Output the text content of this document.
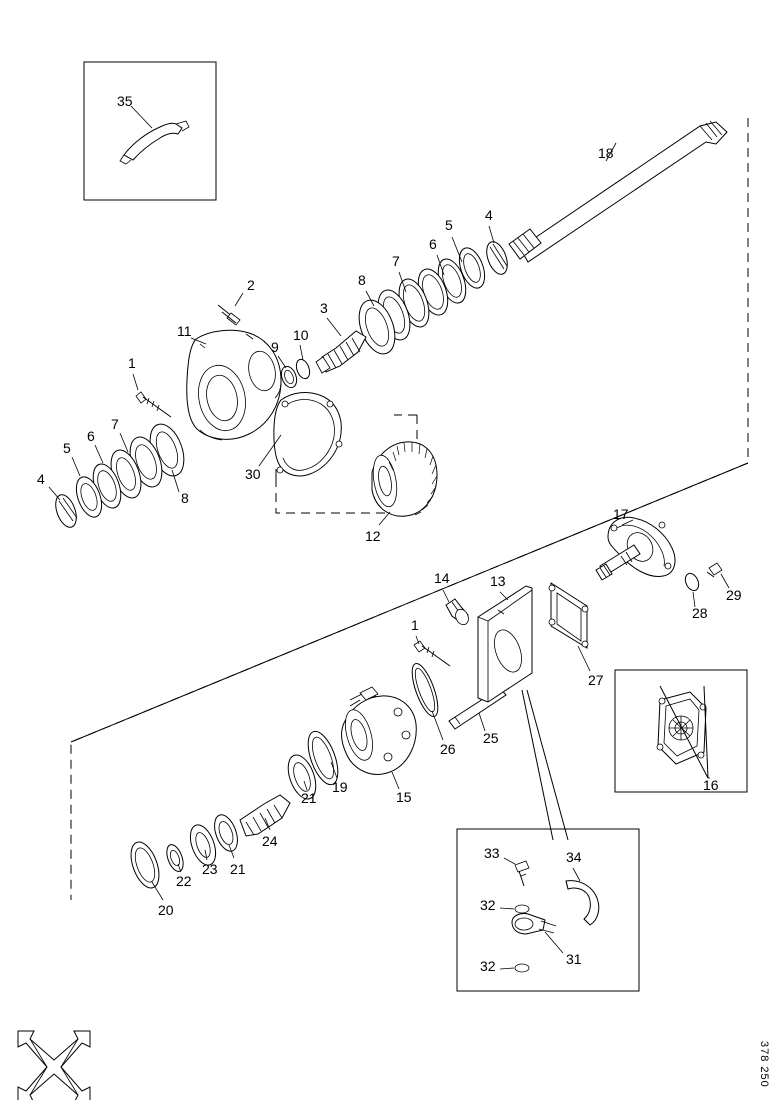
35
18
4
5
6
7
8
2
3
11	10
9
1
7
6
5
4
8
30
12
17
29
28
13
14
1
27
16
25
26
15
19
21
24
21
23
22
20
33	34
32
31
32
378 250
